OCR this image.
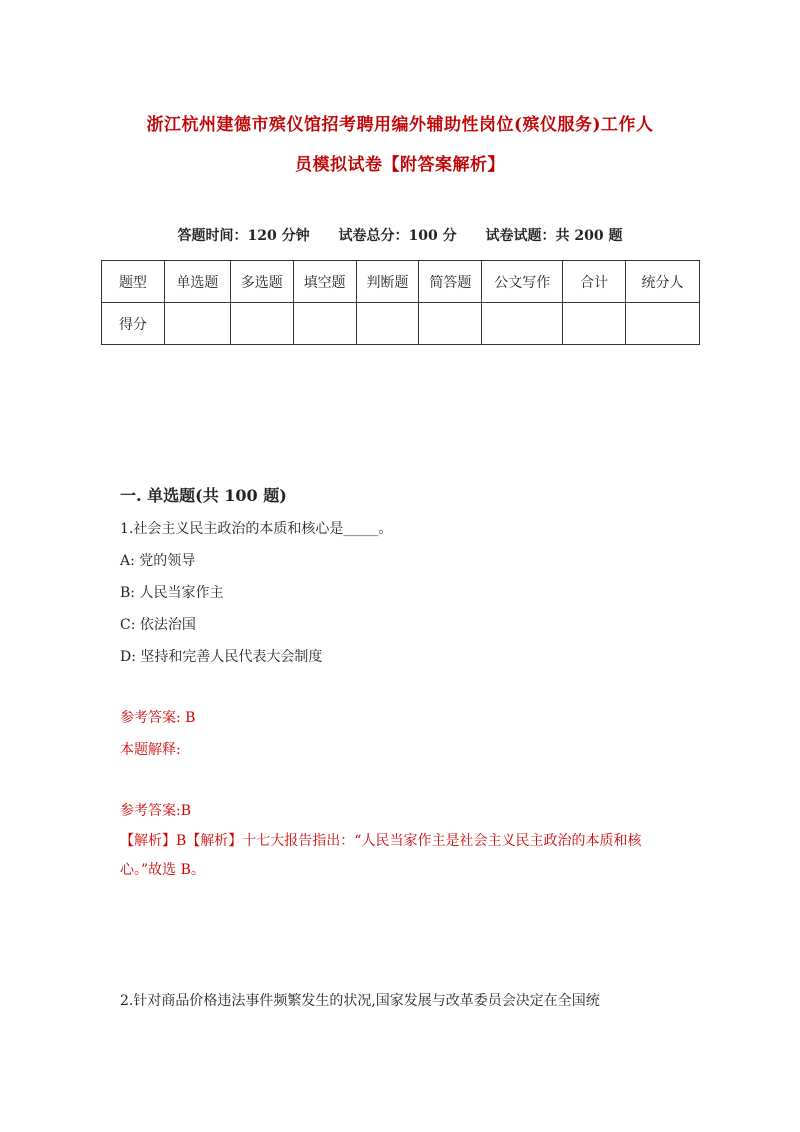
浙江杭州建德市殡仪馆招考聘用编外辅助性岗位(殡仪服务)工作人
员模拟试卷【附答案解析】
答题时间：120 分钟 试卷总分：100 分 试卷试题：共 200 题
题型	单选题	多选题	填空题	判断题	简答题	公文写作	合计	统分人
得分								
一. 单选题(共 100 题)
1.社会主义民主政治的本质和核心是_____。
A: 党的领导
B: 人民当家作主
C: 依法治国
D: 坚持和完善人民代表大会制度
参考答案: B
本题解释:
参考答案:B
【解析】B【解析】十七大报告指出：“人民当家作主是社会主义民主政治的本质和核心。”故选 B。
2.针对商品价格违法事件频繁发生的状况,国家发展与改革委员会决定在全国统
